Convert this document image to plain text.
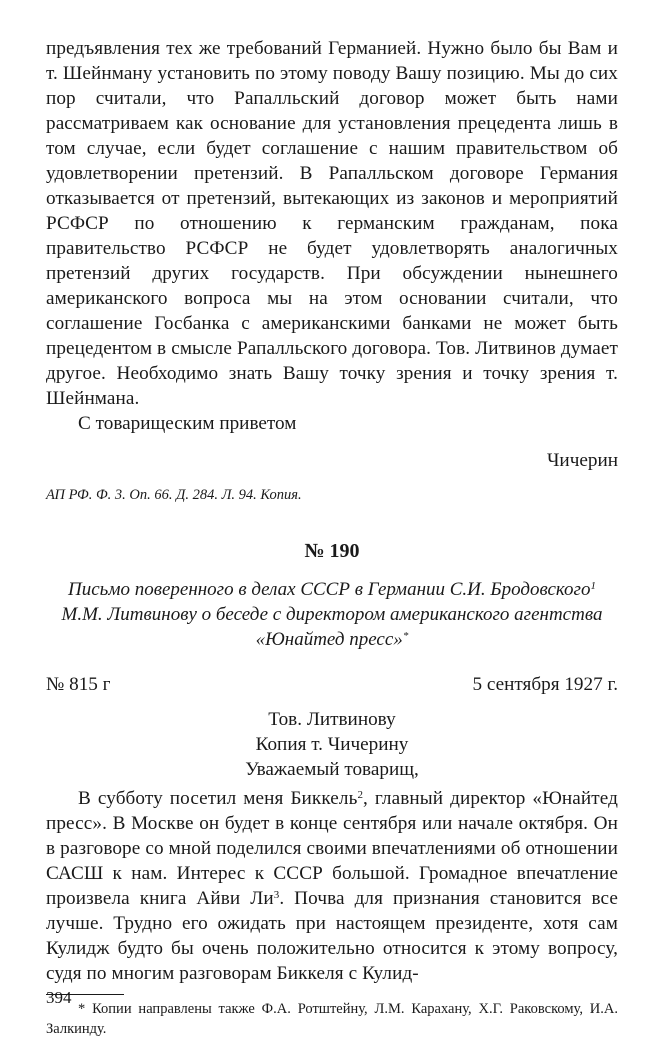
предъявления тех же требований Германией. Нужно было бы Вам и т. Шейнману установить по этому поводу Вашу позицию. Мы до сих пор считали, что Рапалльский договор может быть нами рассматриваем как основание для установления прецедента лишь в том случае, если будет соглашение с нашим правительством об удовлетворении претензий. В Рапалльском договоре Германия отказывается от претензий, вытекающих из законов и мероприятий РСФСР по отношению к германским гражданам, пока правительство РСФСР не будет удовлетворять аналогичных претензий других государств. При обсуждении нынешнего американского вопроса мы на этом основании считали, что соглашение Госбанка с американскими банками не может быть прецедентом в смысле Рапалльского договора. Тов. Литвинов думает другое. Необходимо знать Вашу точку зрения и точку зрения т. Шейнмана.

С товарищеским приветом

Чичерин

АП РФ. Ф. 3. Оп. 66. Д. 284. Л. 94. Копия.

№ 190

Письмо поверенного в делах СССР в Германии С.И. Бродовского$^1$ М.М. Литвинову о беседе с директором американского агентства «Юнайтед пресс»*

№ 815 г	5 сентября 1927 г.
Тов. Литвинову
Копия т. Чичерину
Уважаемый товарищ,

В субботу посетил меня Биккель$^2$, главный директор «Юнайтед пресс». В Москве он будет в конце сентября или начале октября. Он в разговоре со мной поделился своими впечатлениями об отношении САСШ к нам. Интерес к СССР большой. Громадное впечатление произвела книга Айви $Ли^3$. Почва для признания становится все лучше. Трудно его ожидать при настоящем президенте, хотя сам Кулидж будто бы очень положительно относится к этому вопросу, судя по многим разговорам Биккеля с Кулид-

* Копии направлены также Ф.А. Ротштейну, Л.М. Карахану, Х.Г. Раковскому, И.А. Залкинду.

394
